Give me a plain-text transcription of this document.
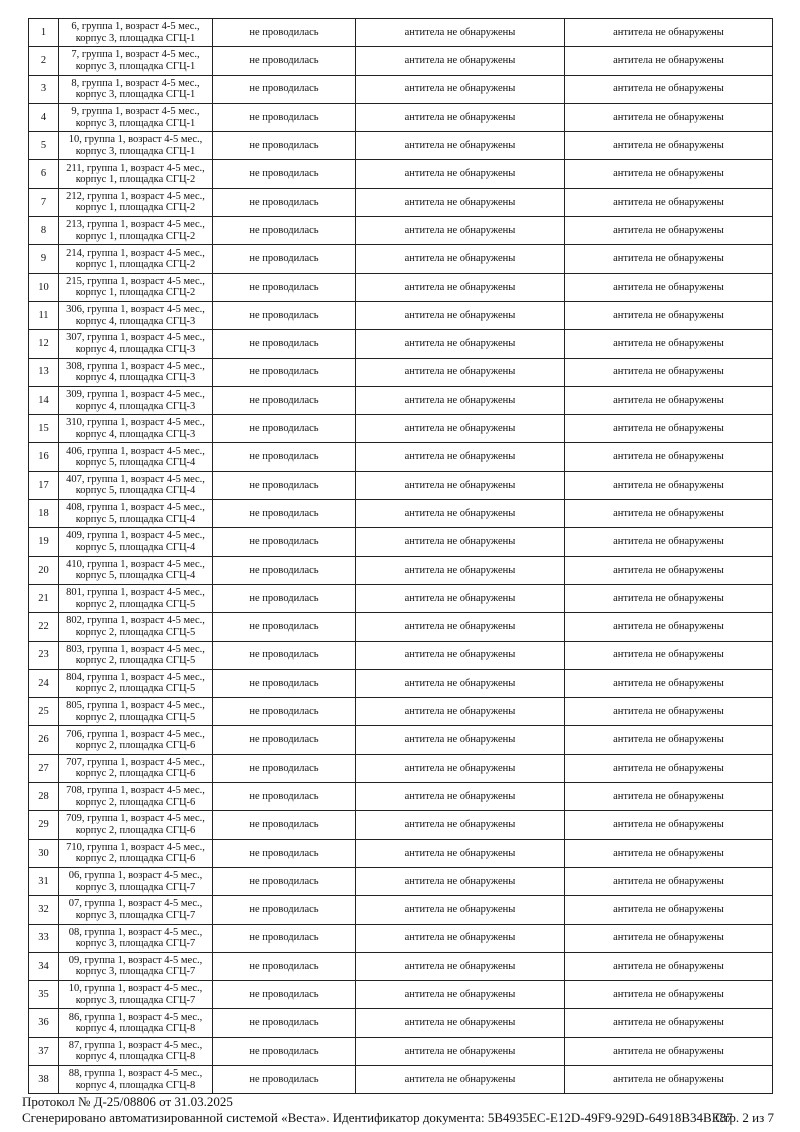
1	6, группа 1, возраст 4-5 мес.,
корпус 3, площадка СГЦ-1	не проводилась	антитела не обнаружены	антитела не обнаружены
2	7, группа 1, возраст 4-5 мес.,
корпус 3, площадка СГЦ-1	не проводилась	антитела не обнаружены	антитела не обнаружены
3	8, группа 1, возраст 4-5 мес.,
корпус 3, площадка СГЦ-1	не проводилась	антитела не обнаружены	антитела не обнаружены
4	9, группа 1, возраст 4-5 мес.,
корпус 3, площадка СГЦ-1	не проводилась	антитела не обнаружены	антитела не обнаружены
5	10, группа 1, возраст 4-5 мес.,
корпус 3, площадка СГЦ-1	не проводилась	антитела не обнаружены	антитела не обнаружены
6	211, группа 1, возраст 4-5 мес.,
корпус 1, площадка СГЦ-2	не проводилась	антитела не обнаружены	антитела не обнаружены
7	212, группа 1, возраст 4-5 мес.,
корпус 1, площадка СГЦ-2	не проводилась	антитела не обнаружены	антитела не обнаружены
8	213, группа 1, возраст 4-5 мес.,
корпус 1, площадка СГЦ-2	не проводилась	антитела не обнаружены	антитела не обнаружены
9	214, группа 1, возраст 4-5 мес.,
корпус 1, площадка СГЦ-2	не проводилась	антитела не обнаружены	антитела не обнаружены
10	215, группа 1, возраст 4-5 мес.,
корпус 1, площадка СГЦ-2	не проводилась	антитела не обнаружены	антитела не обнаружены
11	306, группа 1, возраст 4-5 мес.,
корпус 4, площадка СГЦ-3	не проводилась	антитела не обнаружены	антитела не обнаружены
12	307, группа 1, возраст 4-5 мес.,
корпус 4, площадка СГЦ-3	не проводилась	антитела не обнаружены	антитела не обнаружены
13	308, группа 1, возраст 4-5 мес.,
корпус 4, площадка СГЦ-3	не проводилась	антитела не обнаружены	антитела не обнаружены
14	309, группа 1, возраст 4-5 мес.,
корпус 4, площадка СГЦ-3	не проводилась	антитела не обнаружены	антитела не обнаружены
15	310, группа 1, возраст 4-5 мес.,
корпус 4, площадка СГЦ-3	не проводилась	антитела не обнаружены	антитела не обнаружены
16	406, группа 1, возраст 4-5 мес.,
корпус 5, площадка СГЦ-4	не проводилась	антитела не обнаружены	антитела не обнаружены
17	407, группа 1, возраст 4-5 мес.,
корпус 5, площадка СГЦ-4	не проводилась	антитела не обнаружены	антитела не обнаружены
18	408, группа 1, возраст 4-5 мес.,
корпус 5, площадка СГЦ-4	не проводилась	антитела не обнаружены	антитела не обнаружены
19	409, группа 1, возраст 4-5 мес.,
корпус 5, площадка СГЦ-4	не проводилась	антитела не обнаружены	антитела не обнаружены
20	410, группа 1, возраст 4-5 мес.,
корпус 5, площадка СГЦ-4	не проводилась	антитела не обнаружены	антитела не обнаружены
21	801, группа 1, возраст 4-5 мес.,
корпус 2, площадка СГЦ-5	не проводилась	антитела не обнаружены	антитела не обнаружены
22	802, группа 1, возраст 4-5 мес.,
корпус 2, площадка СГЦ-5	не проводилась	антитела не обнаружены	антитела не обнаружены
23	803, группа 1, возраст 4-5 мес.,
корпус 2, площадка СГЦ-5	не проводилась	антитела не обнаружены	антитела не обнаружены
24	804, группа 1, возраст 4-5 мес.,
корпус 2, площадка СГЦ-5	не проводилась	антитела не обнаружены	антитела не обнаружены
25	805, группа 1, возраст 4-5 мес.,
корпус 2, площадка СГЦ-5	не проводилась	антитела не обнаружены	антитела не обнаружены
26	706, группа 1, возраст 4-5 мес.,
корпус 2, площадка СГЦ-6	не проводилась	антитела не обнаружены	антитела не обнаружены
27	707, группа 1, возраст 4-5 мес.,
корпус 2, площадка СГЦ-6	не проводилась	антитела не обнаружены	антитела не обнаружены
28	708, группа 1, возраст 4-5 мес.,
корпус 2, площадка СГЦ-6	не проводилась	антитела не обнаружены	антитела не обнаружены
29	709, группа 1, возраст 4-5 мес.,
корпус 2, площадка СГЦ-6	не проводилась	антитела не обнаружены	антитела не обнаружены
30	710, группа 1, возраст 4-5 мес.,
корпус 2, площадка СГЦ-6	не проводилась	антитела не обнаружены	антитела не обнаружены
31	06, группа 1, возраст 4-5 мес.,
корпус 3, площадка СГЦ-7	не проводилась	антитела не обнаружены	антитела не обнаружены
32	07, группа 1, возраст 4-5 мес.,
корпус 3, площадка СГЦ-7	не проводилась	антитела не обнаружены	антитела не обнаружены
33	08, группа 1, возраст 4-5 мес.,
корпус 3, площадка СГЦ-7	не проводилась	антитела не обнаружены	антитела не обнаружены
34	09, группа 1, возраст 4-5 мес.,
корпус 3, площадка СГЦ-7	не проводилась	антитела не обнаружены	антитела не обнаружены
35	10, группа 1, возраст 4-5 мес.,
корпус 3, площадка СГЦ-7	не проводилась	антитела не обнаружены	антитела не обнаружены
36	86, группа 1, возраст 4-5 мес.,
корпус 4, площадка СГЦ-8	не проводилась	антитела не обнаружены	антитела не обнаружены
37	87, группа 1, возраст 4-5 мес.,
корпус 4, площадка СГЦ-8	не проводилась	антитела не обнаружены	антитела не обнаружены
38	88, группа 1, возраст 4-5 мес.,
корпус 4, площадка СГЦ-8	не проводилась	антитела не обнаружены	антитела не обнаружены
Протокол № Д-25/08806 от 31.03.2025
Сгенерировано автоматизированной системой «Веста». Идентификатор документа: 5B4935EC-E12D-49F9-929D-64918B34BE87
Стр. 2 из 7
